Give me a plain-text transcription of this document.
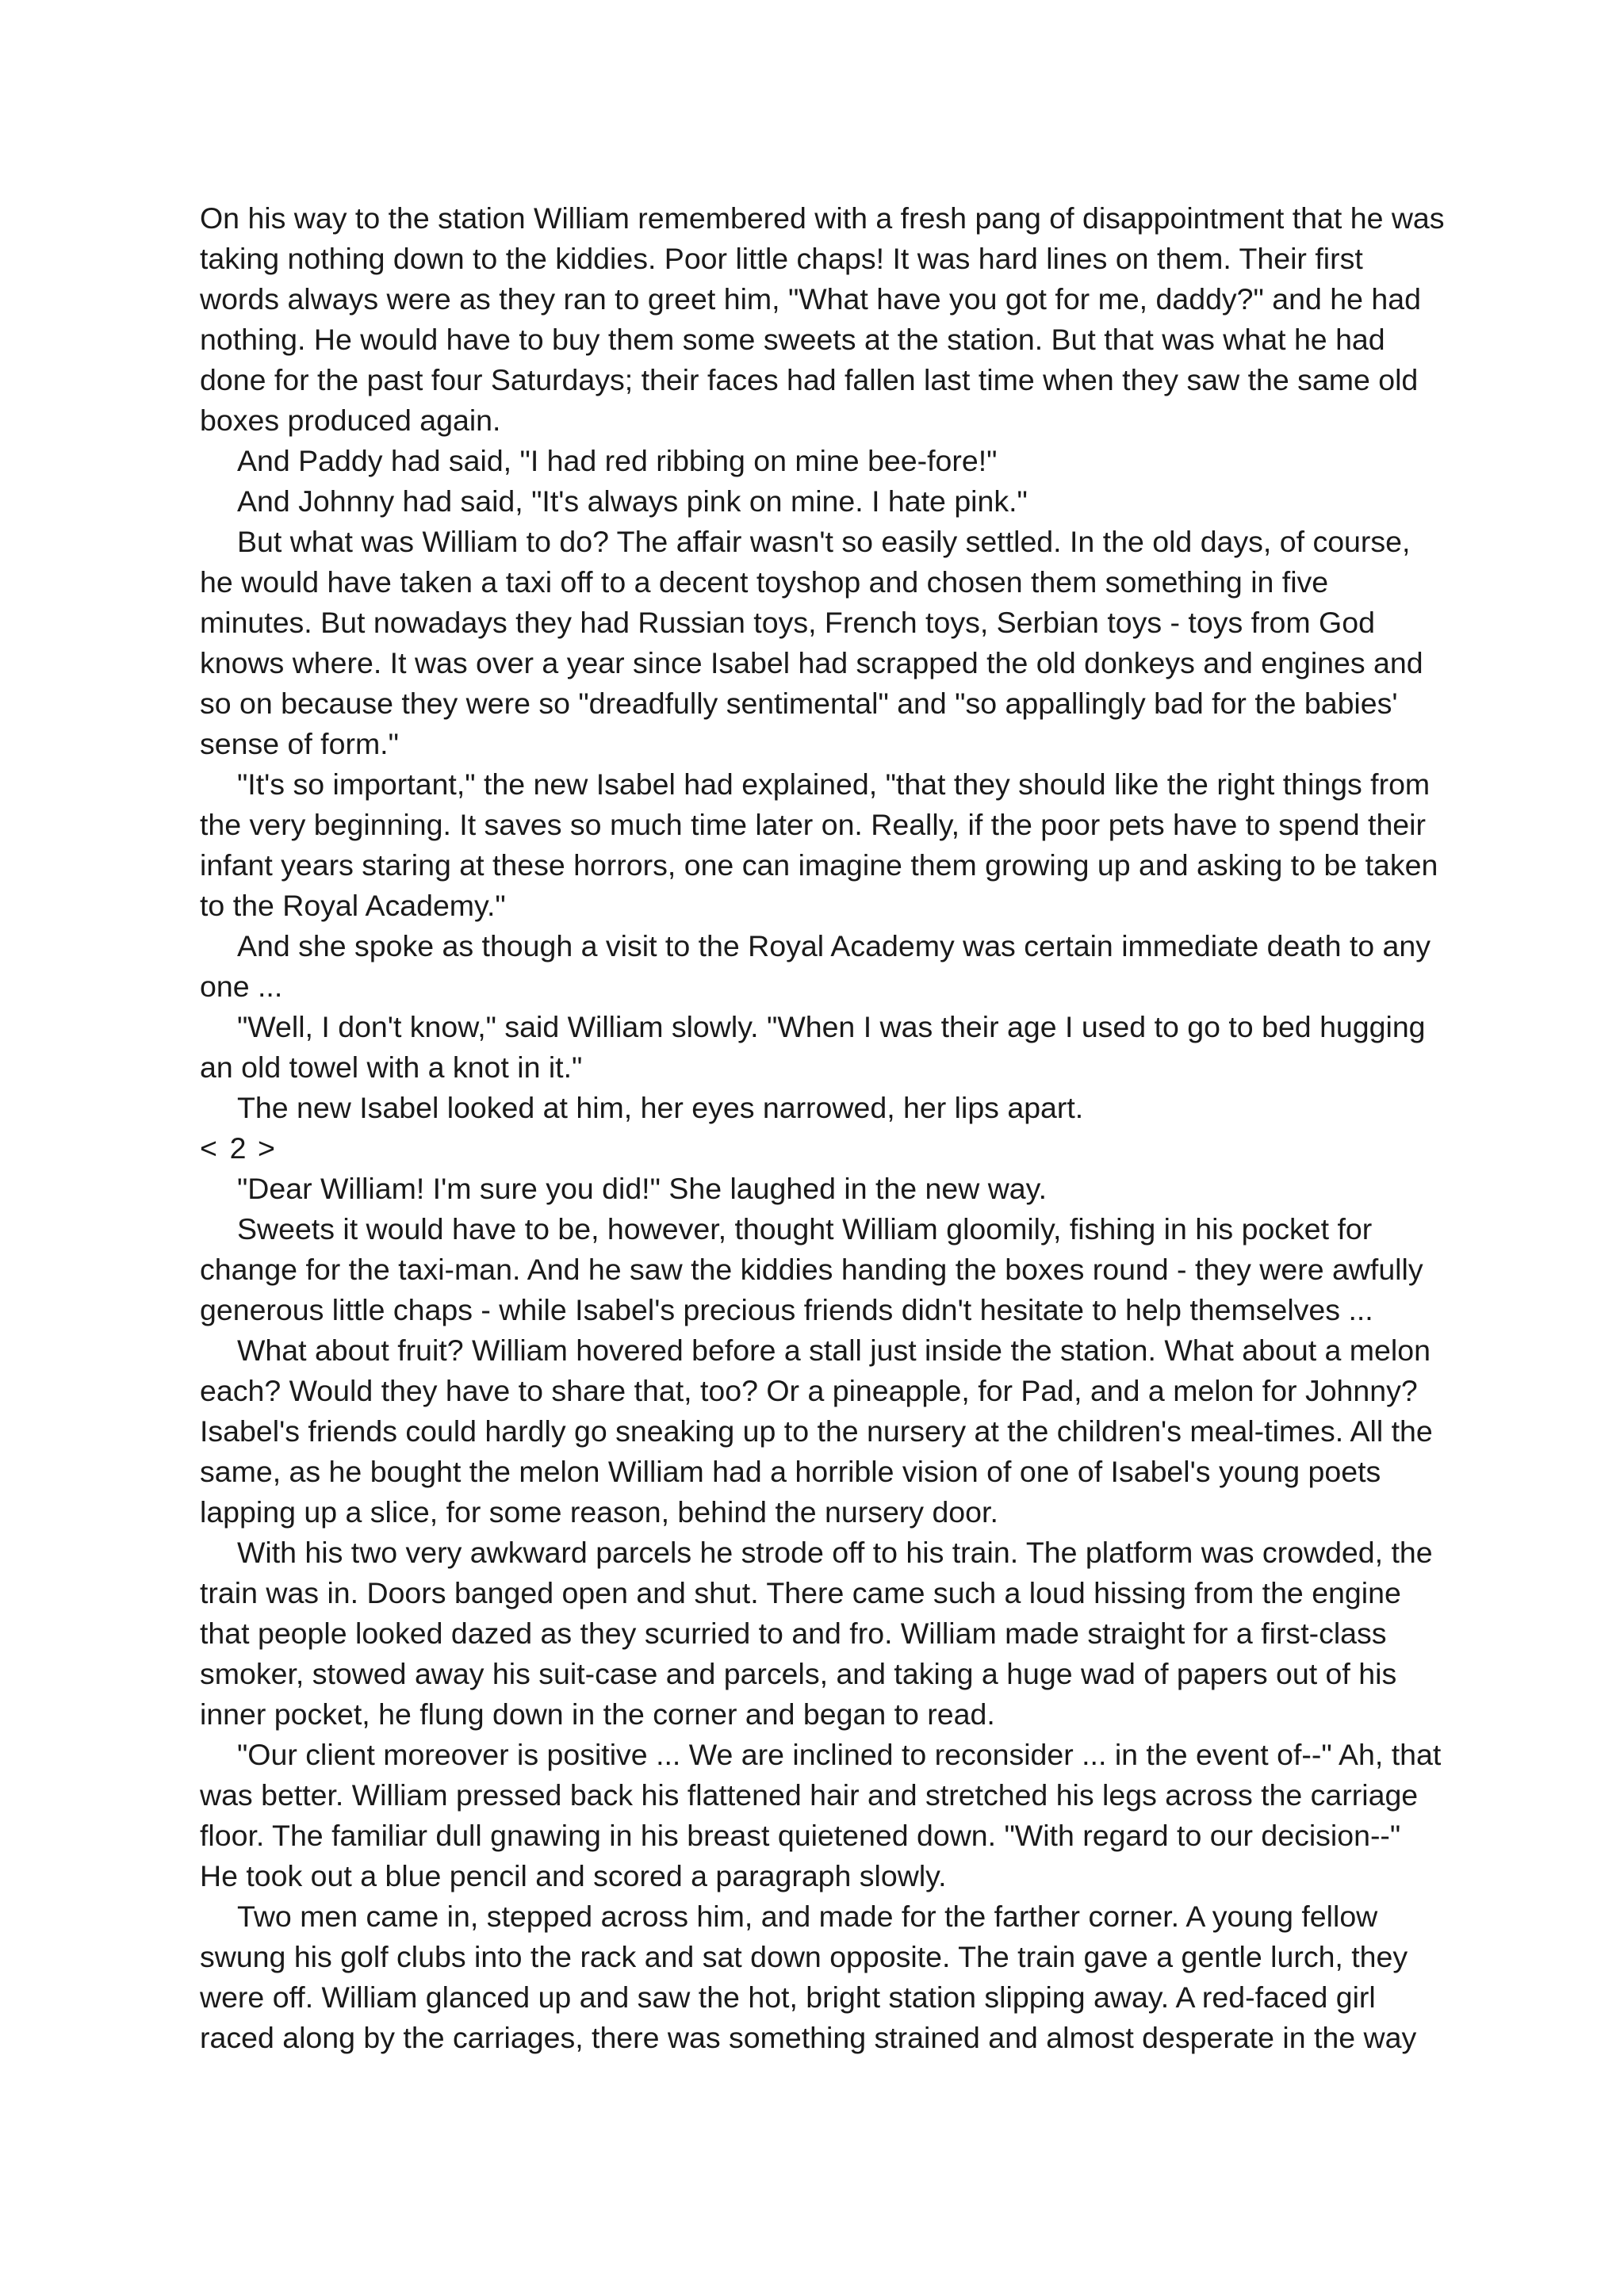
On his way to the station William remembered with a fresh pang of disappointment that he was taking nothing down to the kiddies. Poor little chaps! It was hard lines on them. Their first words always were as they ran to greet him, "What have you got for me, daddy?" and he had nothing. He would have to buy them some sweets at the station. But that was what he had done for the past four Saturdays; their faces had fallen last time when they saw the same old boxes produced again.

And Paddy had said, "I had red ribbing on mine bee-fore!"

And Johnny had said, "It's always pink on mine. I hate pink."

But what was William to do? The affair wasn't so easily settled. In the old days, of course, he would have taken a taxi off to a decent toyshop and chosen them something in five minutes. But nowadays they had Russian toys, French toys, Serbian toys - toys from God knows where. It was over a year since Isabel had scrapped the old donkeys and engines and so on because they were so "dreadfully sentimental" and "so appallingly bad for the babies' sense of form."

"It's so important," the new Isabel had explained, "that they should like the right things from the very beginning. It saves so much time later on. Really, if the poor pets have to spend their infant years staring at these horrors, one can imagine them growing up and asking to be taken to the Royal Academy."

And she spoke as though a visit to the Royal Academy was certain immediate death to any one ...

"Well, I don't know," said William slowly. "When I was their age I used to go to bed hugging an old towel with a knot in it."

The new Isabel looked at him, her eyes narrowed, her lips apart.

< 2 >

"Dear William! I'm sure you did!" She laughed in the new way.

Sweets it would have to be, however, thought William gloomily, fishing in his pocket for change for the taxi-man. And he saw the kiddies handing the boxes round - they were awfully generous little chaps - while Isabel's precious friends didn't hesitate to help themselves ...

What about fruit? William hovered before a stall just inside the station. What about a melon each? Would they have to share that, too? Or a pineapple, for Pad, and a melon for Johnny? Isabel's friends could hardly go sneaking up to the nursery at the children's meal-times. All the same, as he bought the melon William had a horrible vision of one of Isabel's young poets lapping up a slice, for some reason, behind the nursery door.

With his two very awkward parcels he strode off to his train. The platform was crowded, the train was in. Doors banged open and shut. There came such a loud hissing from the engine that people looked dazed as they scurried to and fro. William made straight for a first-class smoker, stowed away his suit-case and parcels, and taking a huge wad of papers out of his inner pocket, he flung down in the corner and began to read.

"Our client moreover is positive ... We are inclined to reconsider ... in the event of--" Ah, that was better. William pressed back his flattened hair and stretched his legs across the carriage floor. The familiar dull gnawing in his breast quietened down. "With regard to our decision--" He took out a blue pencil and scored a paragraph slowly.

Two men came in, stepped across him, and made for the farther corner. A young fellow swung his golf clubs into the rack and sat down opposite. The train gave a gentle lurch, they were off. William glanced up and saw the hot, bright station slipping away. A red-faced girl raced along by the carriages, there was something strained and almost desperate in the way
